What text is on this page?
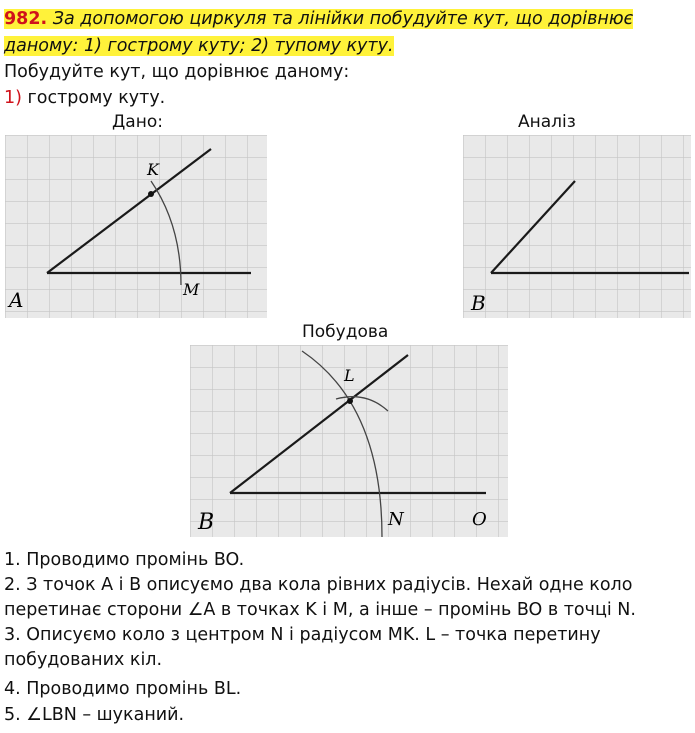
982. За допомогою циркуля та лінійки побудуйте кут, що дорівнює даному: 1) гострому куту; 2) тупому куту.
Побудуйте кут, що дорівнює даному:
1) гострому куту.
Дано:
K
A	M
Аналіз
B
Побудова
L
B	N	O
1. Проводимо промінь BO.
2. З точок A і B описуємо два кола рівних радіусів. Нехай одне коло
перетинає сторони ∠A в точках K і M, а інше – промінь BO в точці N.
3. Описуємо коло з центром N і радіусом MK. L – точка перетину
побудованих кіл.
4. Проводимо промінь BL.
5. ∠LBN – шуканий.
